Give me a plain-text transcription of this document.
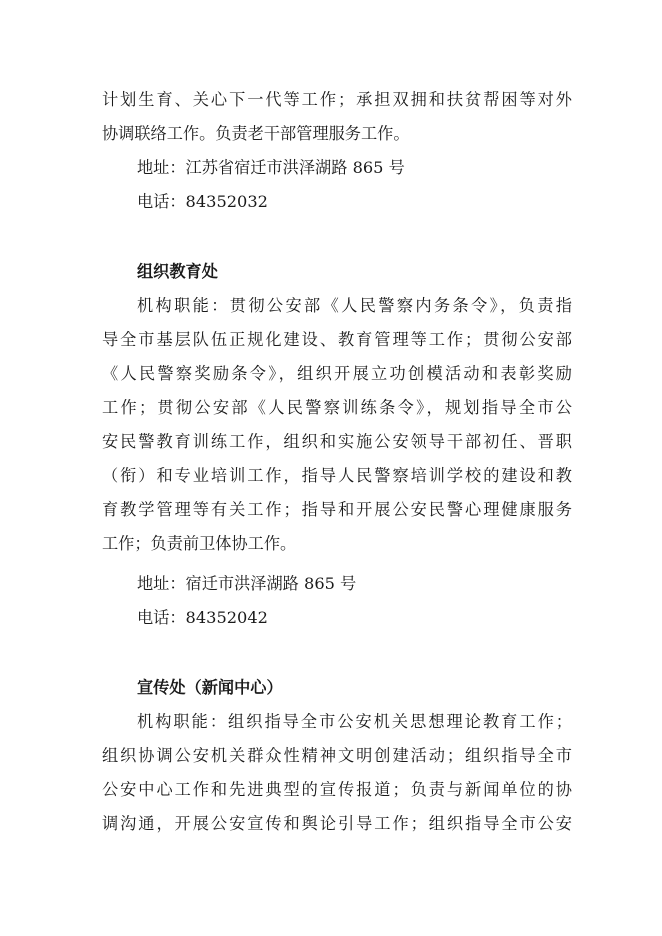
计划生育、关心下一代等工作；承担双拥和扶贫帮困等对外
协调联络工作。负责老干部管理服务工作。
地址：江苏省宿迁市洪泽湖路 865 号
电话：84352032
组织教育处
机构职能：贯彻公安部《人民警察内务条令》，负责指
导全市基层队伍正规化建设、教育管理等工作；贯彻公安部
《人民警察奖励条令》，组织开展立功创模活动和表彰奖励
工作；贯彻公安部《人民警察训练条令》，规划指导全市公
安民警教育训练工作，组织和实施公安领导干部初任、晋职
（衔）和专业培训工作，指导人民警察培训学校的建设和教
育教学管理等有关工作；指导和开展公安民警心理健康服务
工作；负责前卫体协工作。
地址：宿迁市洪泽湖路 865 号
电话：84352042
宣传处（新闻中心）
机构职能：组织指导全市公安机关思想理论教育工作；
组织协调公安机关群众性精神文明创建活动；组织指导全市
公安中心工作和先进典型的宣传报道；负责与新闻单位的协
调沟通，开展公安宣传和舆论引导工作；组织指导全市公安
